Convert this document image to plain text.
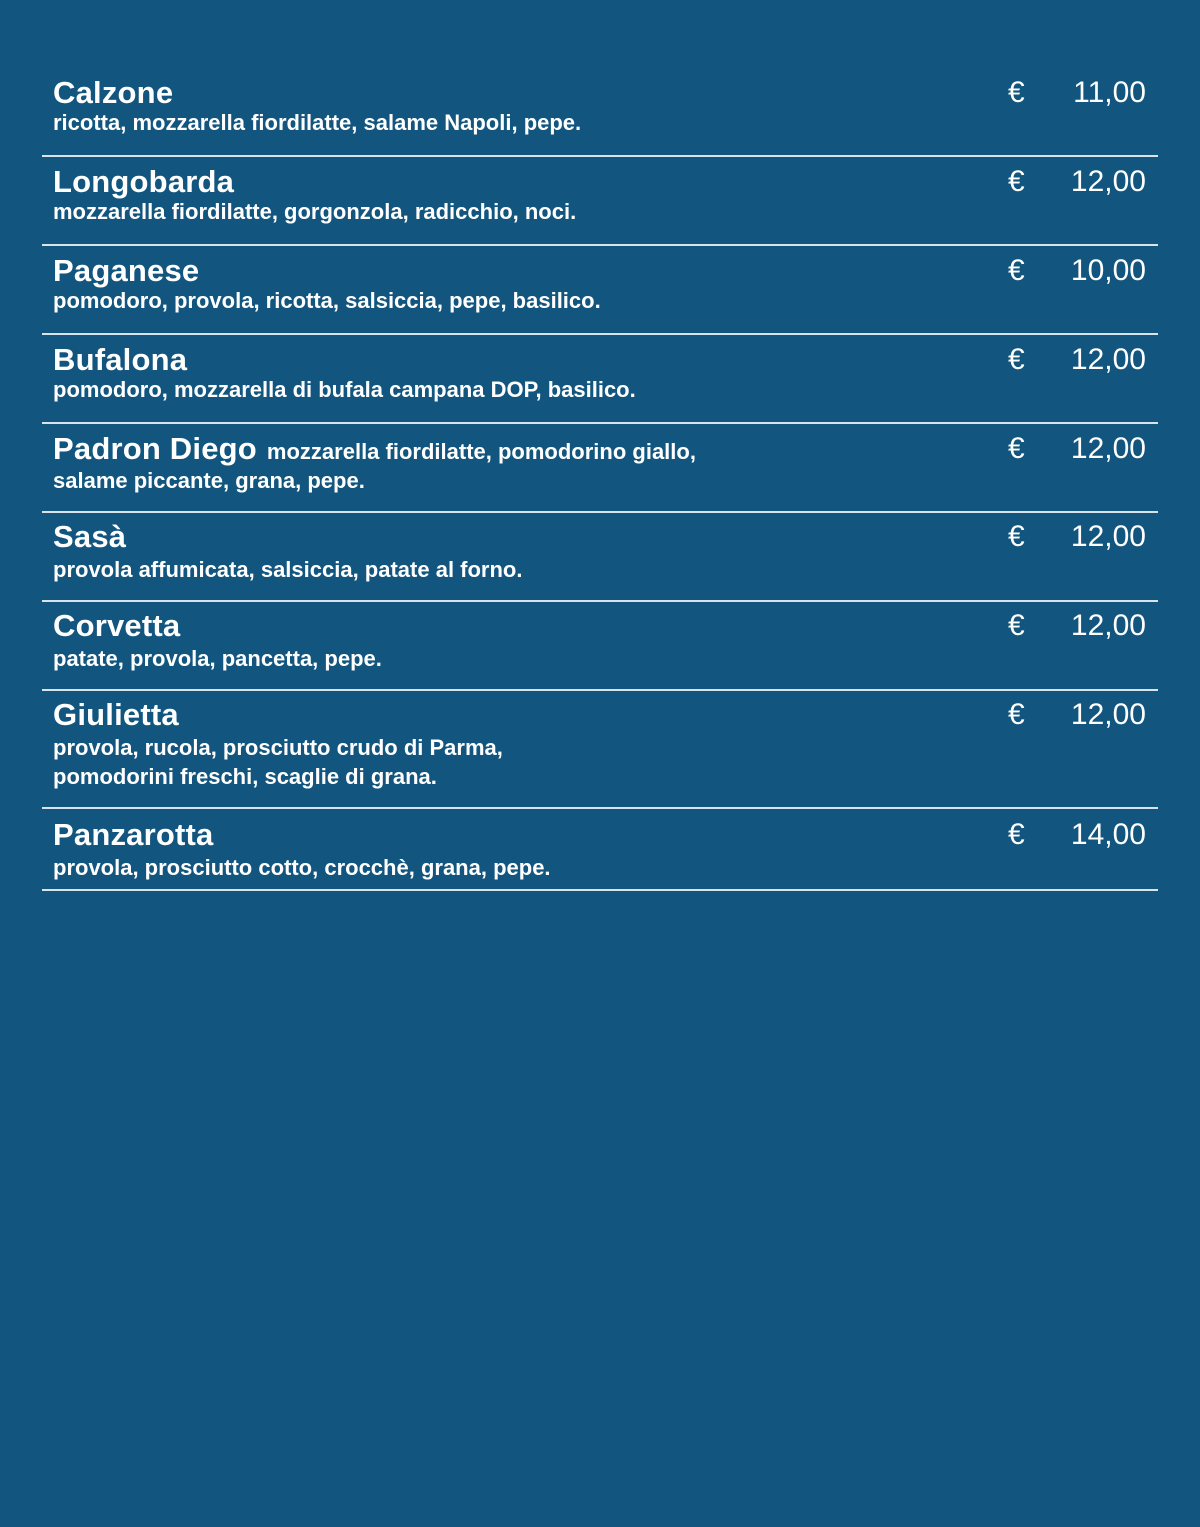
Calzone
ricotta, mozzarella fiordilatte, salame Napoli, pepe.
€ 11,00
Longobarda
mozzarella fiordilatte, gorgonzola, radicchio, noci.
€ 12,00
Paganese
pomodoro, provola, ricotta, salsiccia, pepe, basilico.
€ 10,00
Bufalona
pomodoro, mozzarella di bufala campana DOP, basilico.
€ 12,00
Padron Diego mozzarella fiordilatte, pomodorino giallo,
salame piccante, grana, pepe.
€ 12,00
Sasà
provola affumicata, salsiccia, patate al forno.
€ 12,00
Corvetta
patate, provola, pancetta, pepe.
€ 12,00
Giulietta
provola, rucola, prosciutto crudo di Parma,
pomodorini freschi, scaglie di grana.
€ 12,00
Panzarotta
provola, prosciutto cotto, crocchè, grana, pepe.
€ 14,00
